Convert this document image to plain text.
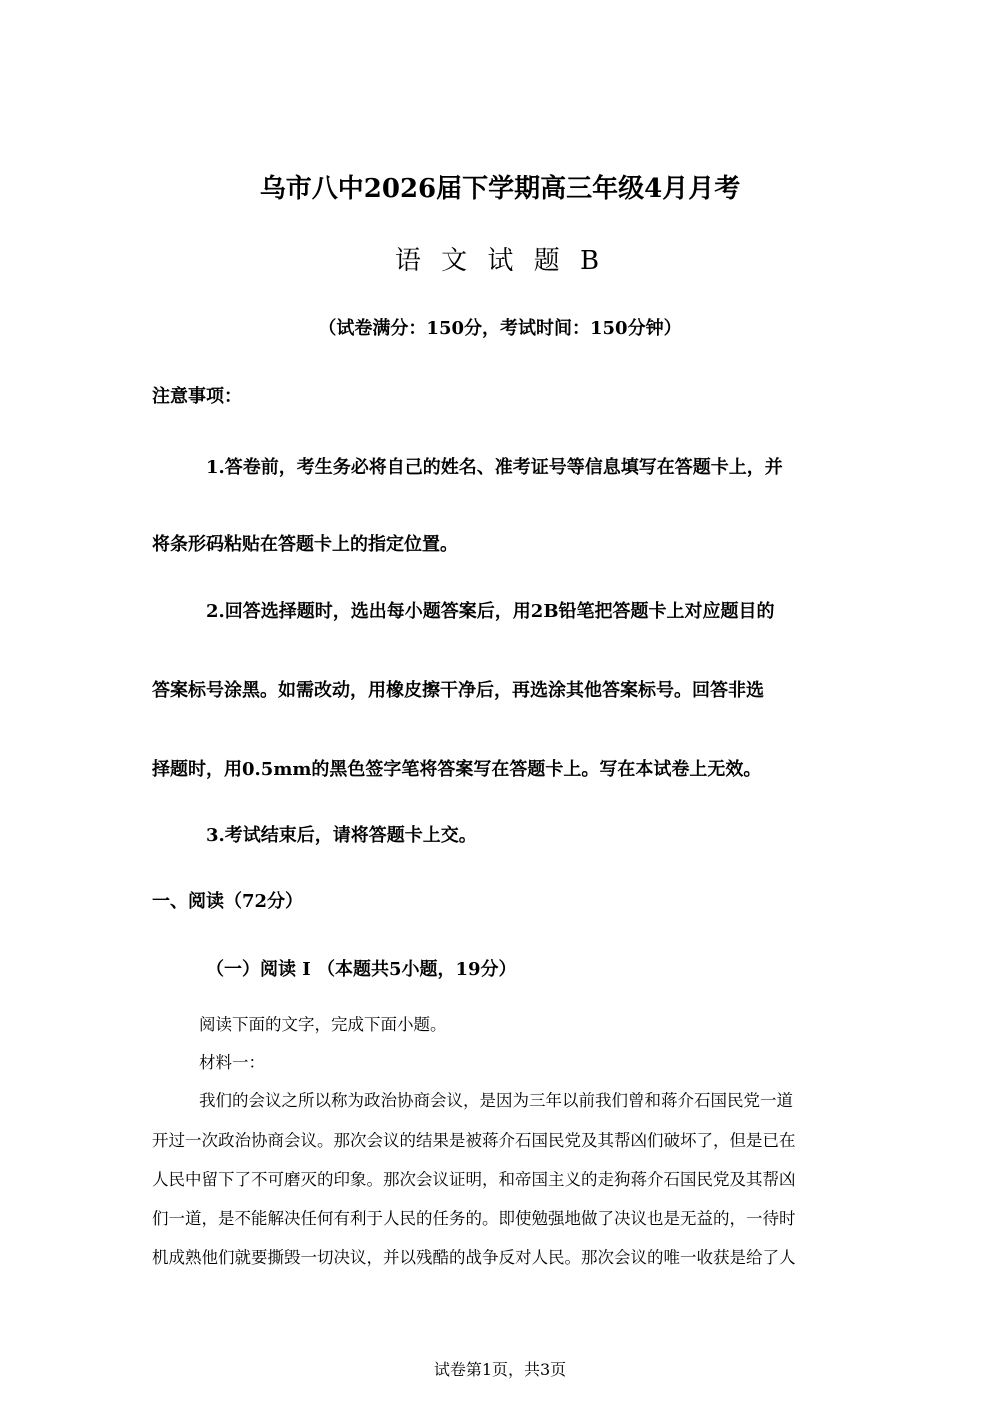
乌市八中2026届下学期高三年级4月月考
语 文 试 题 B
（试卷满分：150分，考试时间：150分钟）
注意事项：
1.答卷前，考生务必将自己的姓名、准考证号等信息填写在答题卡上，并
将条形码粘贴在答题卡上的指定位置。
2.回答选择题时，选出每小题答案后，用2B铅笔把答题卡上对应题目的
答案标号涂黑。如需改动，用橡皮擦干净后，再选涂其他答案标号。回答非选
择题时，用0.5mm的黑色签字笔将答案写在答题卡上。写在本试卷上无效。
3.考试结束后，请将答题卡上交。
一、阅读（72分）
（一）阅读 I （本题共5小题，19分）
阅读下面的文字，完成下面小题。
材料一：
我们的会议之所以称为政治协商会议，是因为三年以前我们曾和蒋介石国民党一道
开过一次政治协商会议。那次会议的结果是被蒋介石国民党及其帮凶们破坏了，但是已在
人民中留下了不可磨灭的印象。那次会议证明，和帝国主义的走狗蒋介石国民党及其帮凶
们一道，是不能解决任何有利于人民的任务的。即使勉强地做了决议也是无益的，一待时
机成熟他们就要撕毁一切决议，并以残酷的战争反对人民。那次会议的唯一收获是给了人
试卷第1页，共3页
